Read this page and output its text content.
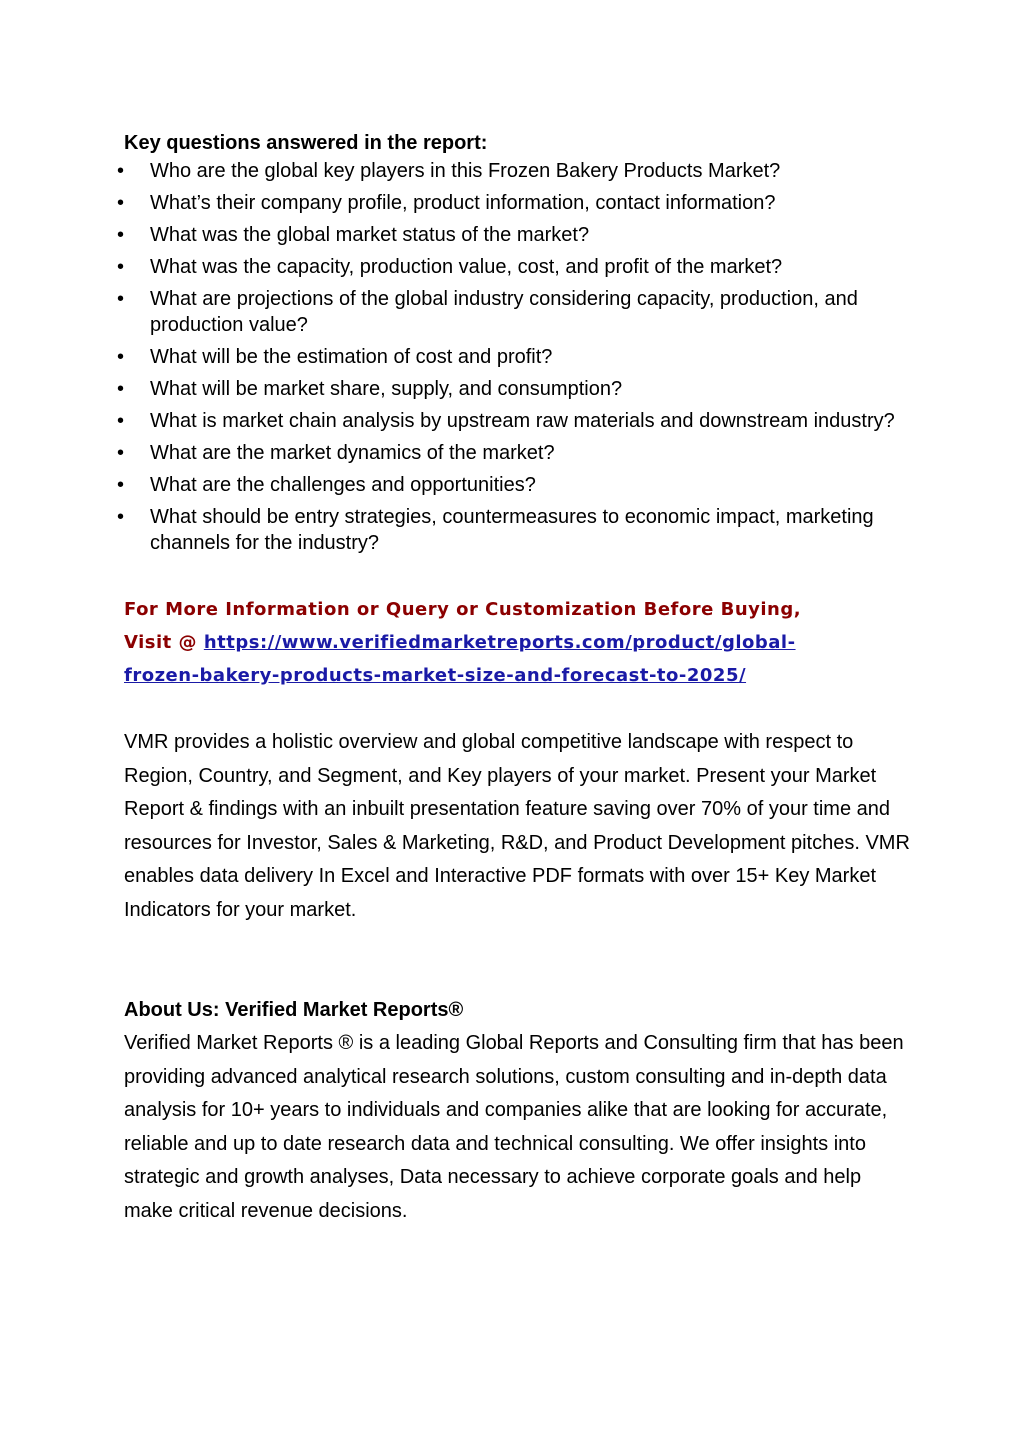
Key questions answered in the report:
• Who are the global key players in this Frozen Bakery Products Market?
• What’s their company profile, product information, contact information?
• What was the global market status of the market?
• What was the capacity, production value, cost, and profit of the market?
• What are projections of the global industry considering capacity, production, and production value?
• What will be the estimation of cost and profit?
• What will be market share, supply, and consumption?
• What is market chain analysis by upstream raw materials and downstream industry?
• What are the market dynamics of the market?
• What are the challenges and opportunities?
• What should be entry strategies, countermeasures to economic impact, marketing channels for the industry?

For More Information or Query or Customization Before Buying,
Visit @ https://www.verifiedmarketreports.com/product/global-
frozen-bakery-products-market-size-and-forecast-to-2025/

VMR provides a holistic overview and global competitive landscape with respect to Region, Country, and Segment, and Key players of your market. Present your Market Report & findings with an inbuilt presentation feature saving over 70% of your time and resources for Investor, Sales & Marketing, R&D, and Product Development pitches. VMR enables data delivery In Excel and Interactive PDF formats with over 15+ Key Market Indicators for your market.

About Us: Verified Market Reports®

Verified Market Reports ® is a leading Global Reports and Consulting firm that has been providing advanced analytical research solutions, custom consulting and in-depth data analysis for 10+ years to individuals and companies alike that are looking for accurate, reliable and up to date research data and technical consulting. We offer insights into strategic and growth analyses, Data necessary to achieve corporate goals and help make critical revenue decisions.
